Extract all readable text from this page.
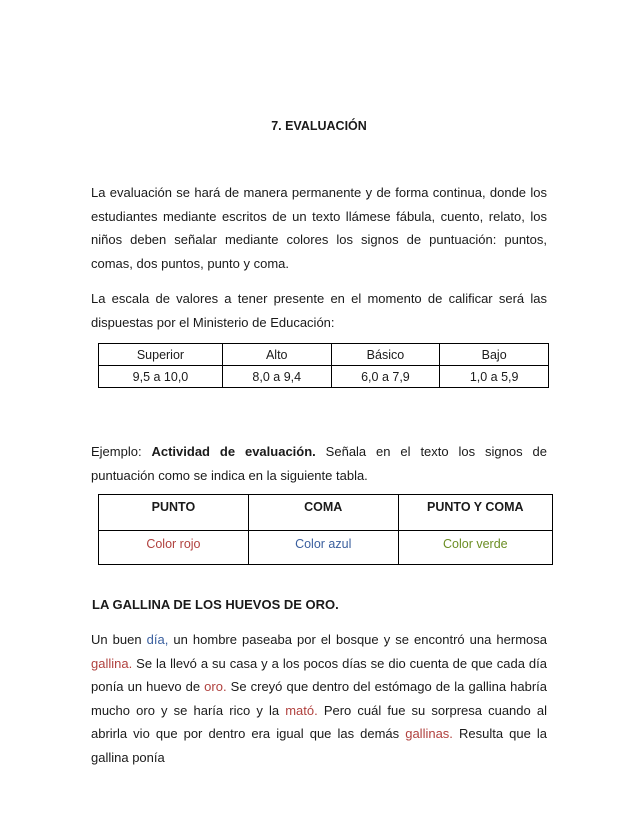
7. EVALUACIÓN

La evaluación se hará de manera permanente y de forma continua, donde los estudiantes mediante escritos de un texto llámese fábula, cuento, relato, los niños deben señalar mediante colores los signos de puntuación: puntos, comas, dos puntos, punto y coma.

La escala de valores a tener presente en el momento de calificar será las dispuestas por el Ministerio de Educación:

Superior	Alto	Básico	Bajo
9,5 a 10,0	8,0 a 9,4	6,0 a 7,9	1,0 a 5,9

Ejemplo: Actividad de evaluación. Señala en el texto los signos de puntuación como se indica en la siguiente tabla.

PUNTO	COMA	PUNTO Y COMA
Color rojo	Color azul	Color verde
LA GALLINA DE LOS HUEVOS DE ORO.

Un buen día, un hombre paseaba por el bosque y se encontró una hermosa gallina. Se la llevó a su casa y a los pocos días se dio cuenta de que cada día ponía un huevo de oro. Se creyó que dentro del estómago de la gallina habría mucho oro y se haría rico y la mató. Pero cuál fue su sorpresa cuando al abrirla vio que por dentro era igual que las demás gallinas. Resulta que la gallina ponía
